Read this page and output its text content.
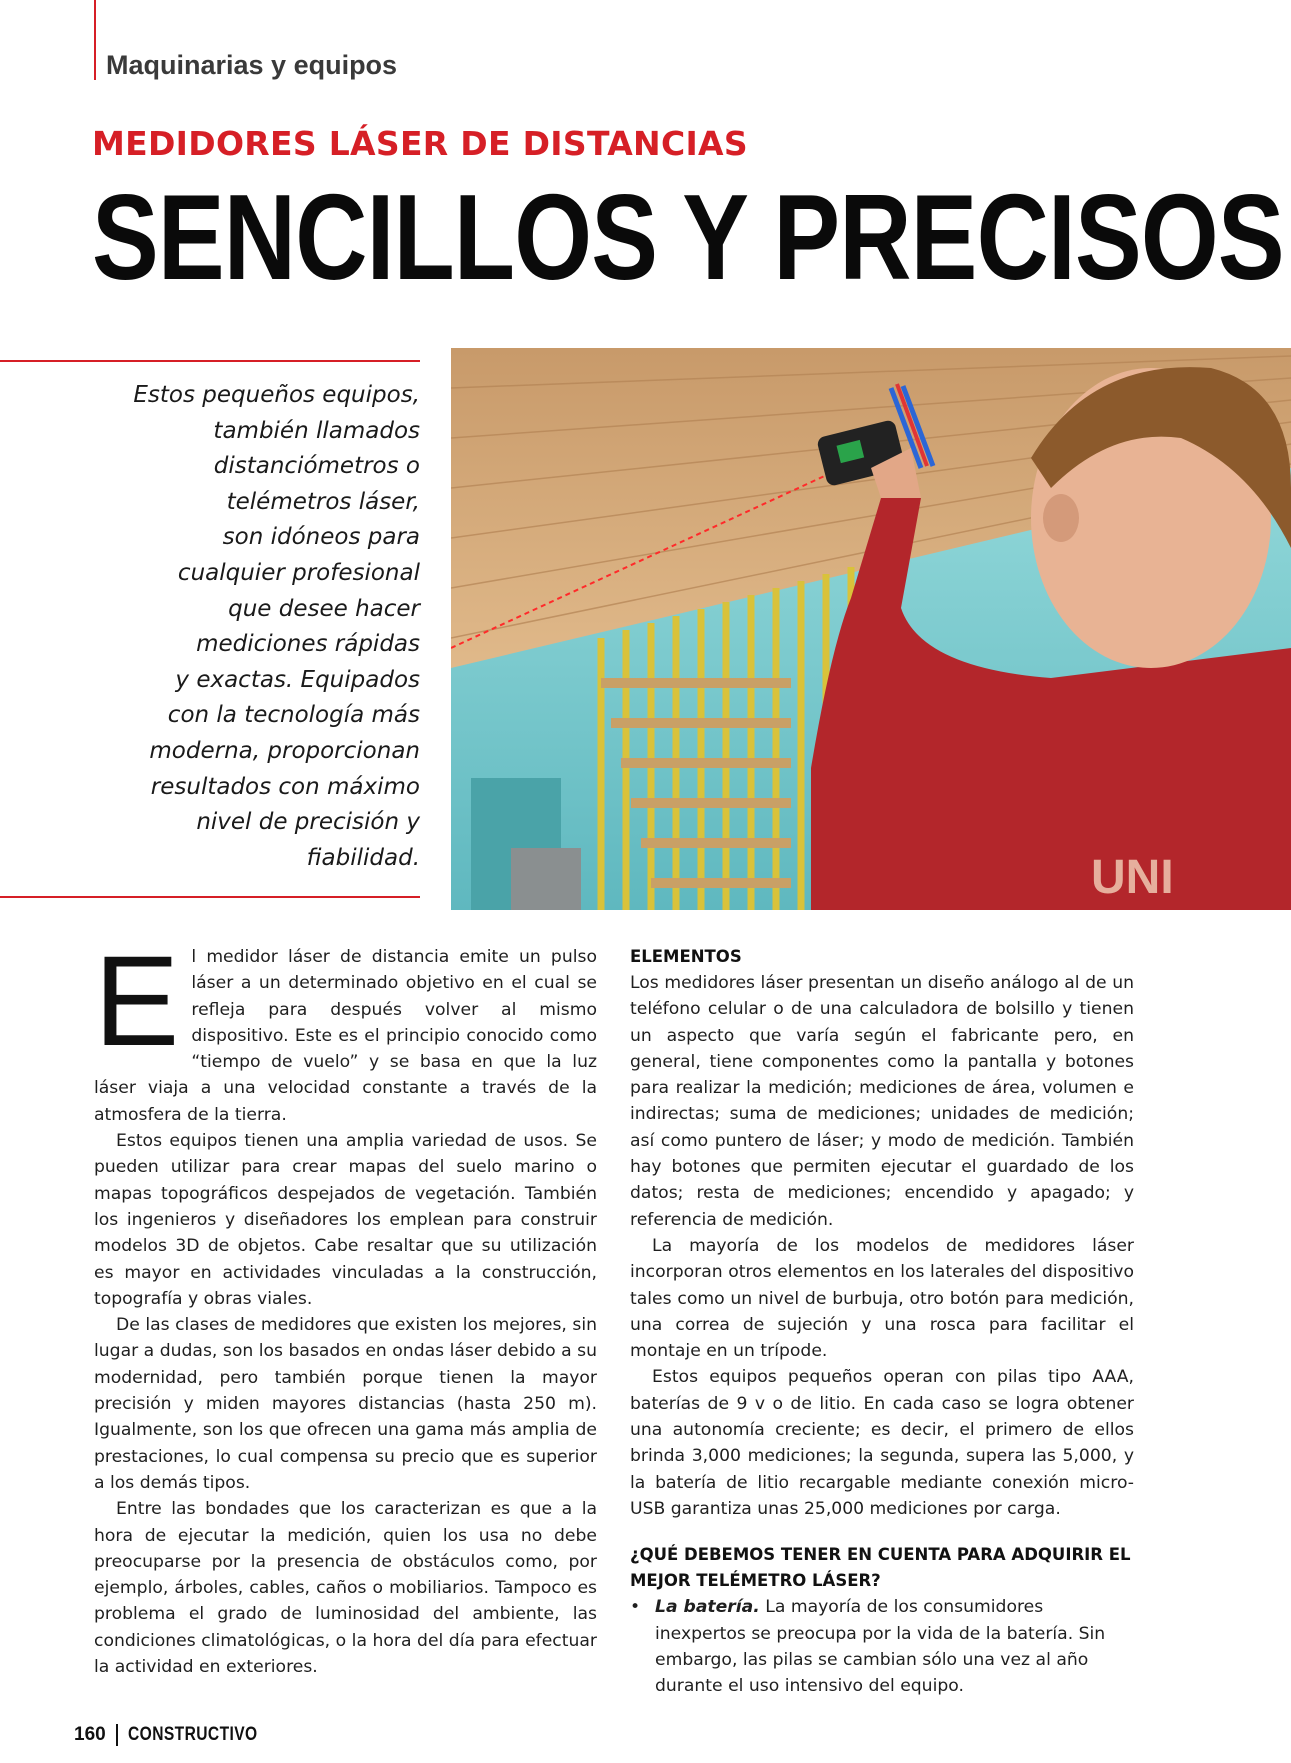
Maquinarias y equipos
MEDIDORES LÁSER DE DISTANCIAS
SENCILLOS Y PRECISOS
Estos pequeños equipos,
también llamados
distanciómetros o
telémetros láser,
son idóneos para
cualquier profesional
que desee hacer
mediciones rápidas
y exactas. Equipados
con la tecnología más
moderna, proporcionan
resultados con máximo
nivel de precisión y
fiabilidad.	UNI

El medidor láser de distancia emite un pulso láser a un determinado objetivo en el cual se refleja para después volver al mismo dispositivo. Este es el principio conocido como “tiempo de vuelo” y se basa en que la luz láser viaja a una velocidad constante a través de la atmosfera de la tierra.

Estos equipos tienen una amplia variedad de usos. Se pueden utilizar para crear mapas del suelo marino o mapas topográficos despejados de vegetación. También los ingenieros y diseñadores los emplean para construir modelos 3D de objetos. Cabe resaltar que su utilización es mayor en actividades vinculadas a la construcción, topografía y obras viales.

De las clases de medidores que existen los mejores, sin lugar a dudas, son los basados en ondas láser debido a su modernidad, pero también porque tienen la mayor precisión y miden mayores distancias (hasta 250 m). Igualmente, son los que ofrecen una gama más amplia de prestaciones, lo cual compensa su precio que es superior a los demás tipos.

Entre las bondades que los caracterizan es que a la hora de ejecutar la medición, quien los usa no debe preocuparse por la presencia de obstáculos como, por ejemplo, árboles, cables, caños o mobiliarios. Tampoco es problema el grado de luminosidad del ambiente, las condiciones climatológicas, o la hora del día para efectuar la actividad en exteriores.

ELEMENTOS

Los medidores láser presentan un diseño análogo al de un teléfono celular o de una calculadora de bolsillo y tienen un aspecto que varía según el fabricante pero, en general, tiene componentes como la pantalla y botones para realizar la medición; mediciones de área, volumen e indirectas; suma de mediciones; unidades de medición; así como puntero de láser; y modo de medición. También hay botones que permiten ejecutar el guardado de los datos; resta de mediciones; encendido y apagado; y referencia de medición.

La mayoría de los modelos de medidores láser incorporan otros elementos en los laterales del dispositivo tales como un nivel de burbuja, otro botón para medición, una correa de sujeción y una rosca para facilitar el montaje en un trípode.

Estos equipos pequeños operan con pilas tipo AAA, baterías de 9 v o de litio. En cada caso se logra obtener una autonomía creciente; es decir, el primero de ellos brinda 3,000 mediciones; la segunda, supera las 5,000, y la batería de litio recargable mediante conexión micro-USB garantiza unas 25,000 mediciones por carga.

¿QUÉ DEBEMOS TENER EN CUENTA PARA ADQUIRIR EL MEJOR TELÉMETRO LÁSER?
• La batería. La mayoría de los consumidores inexpertos se preocupa por la vida de la batería. Sin embargo, las pilas se cambian sólo una vez al año durante el uso intensivo del equipo.
160 CONSTRUCTIVO
